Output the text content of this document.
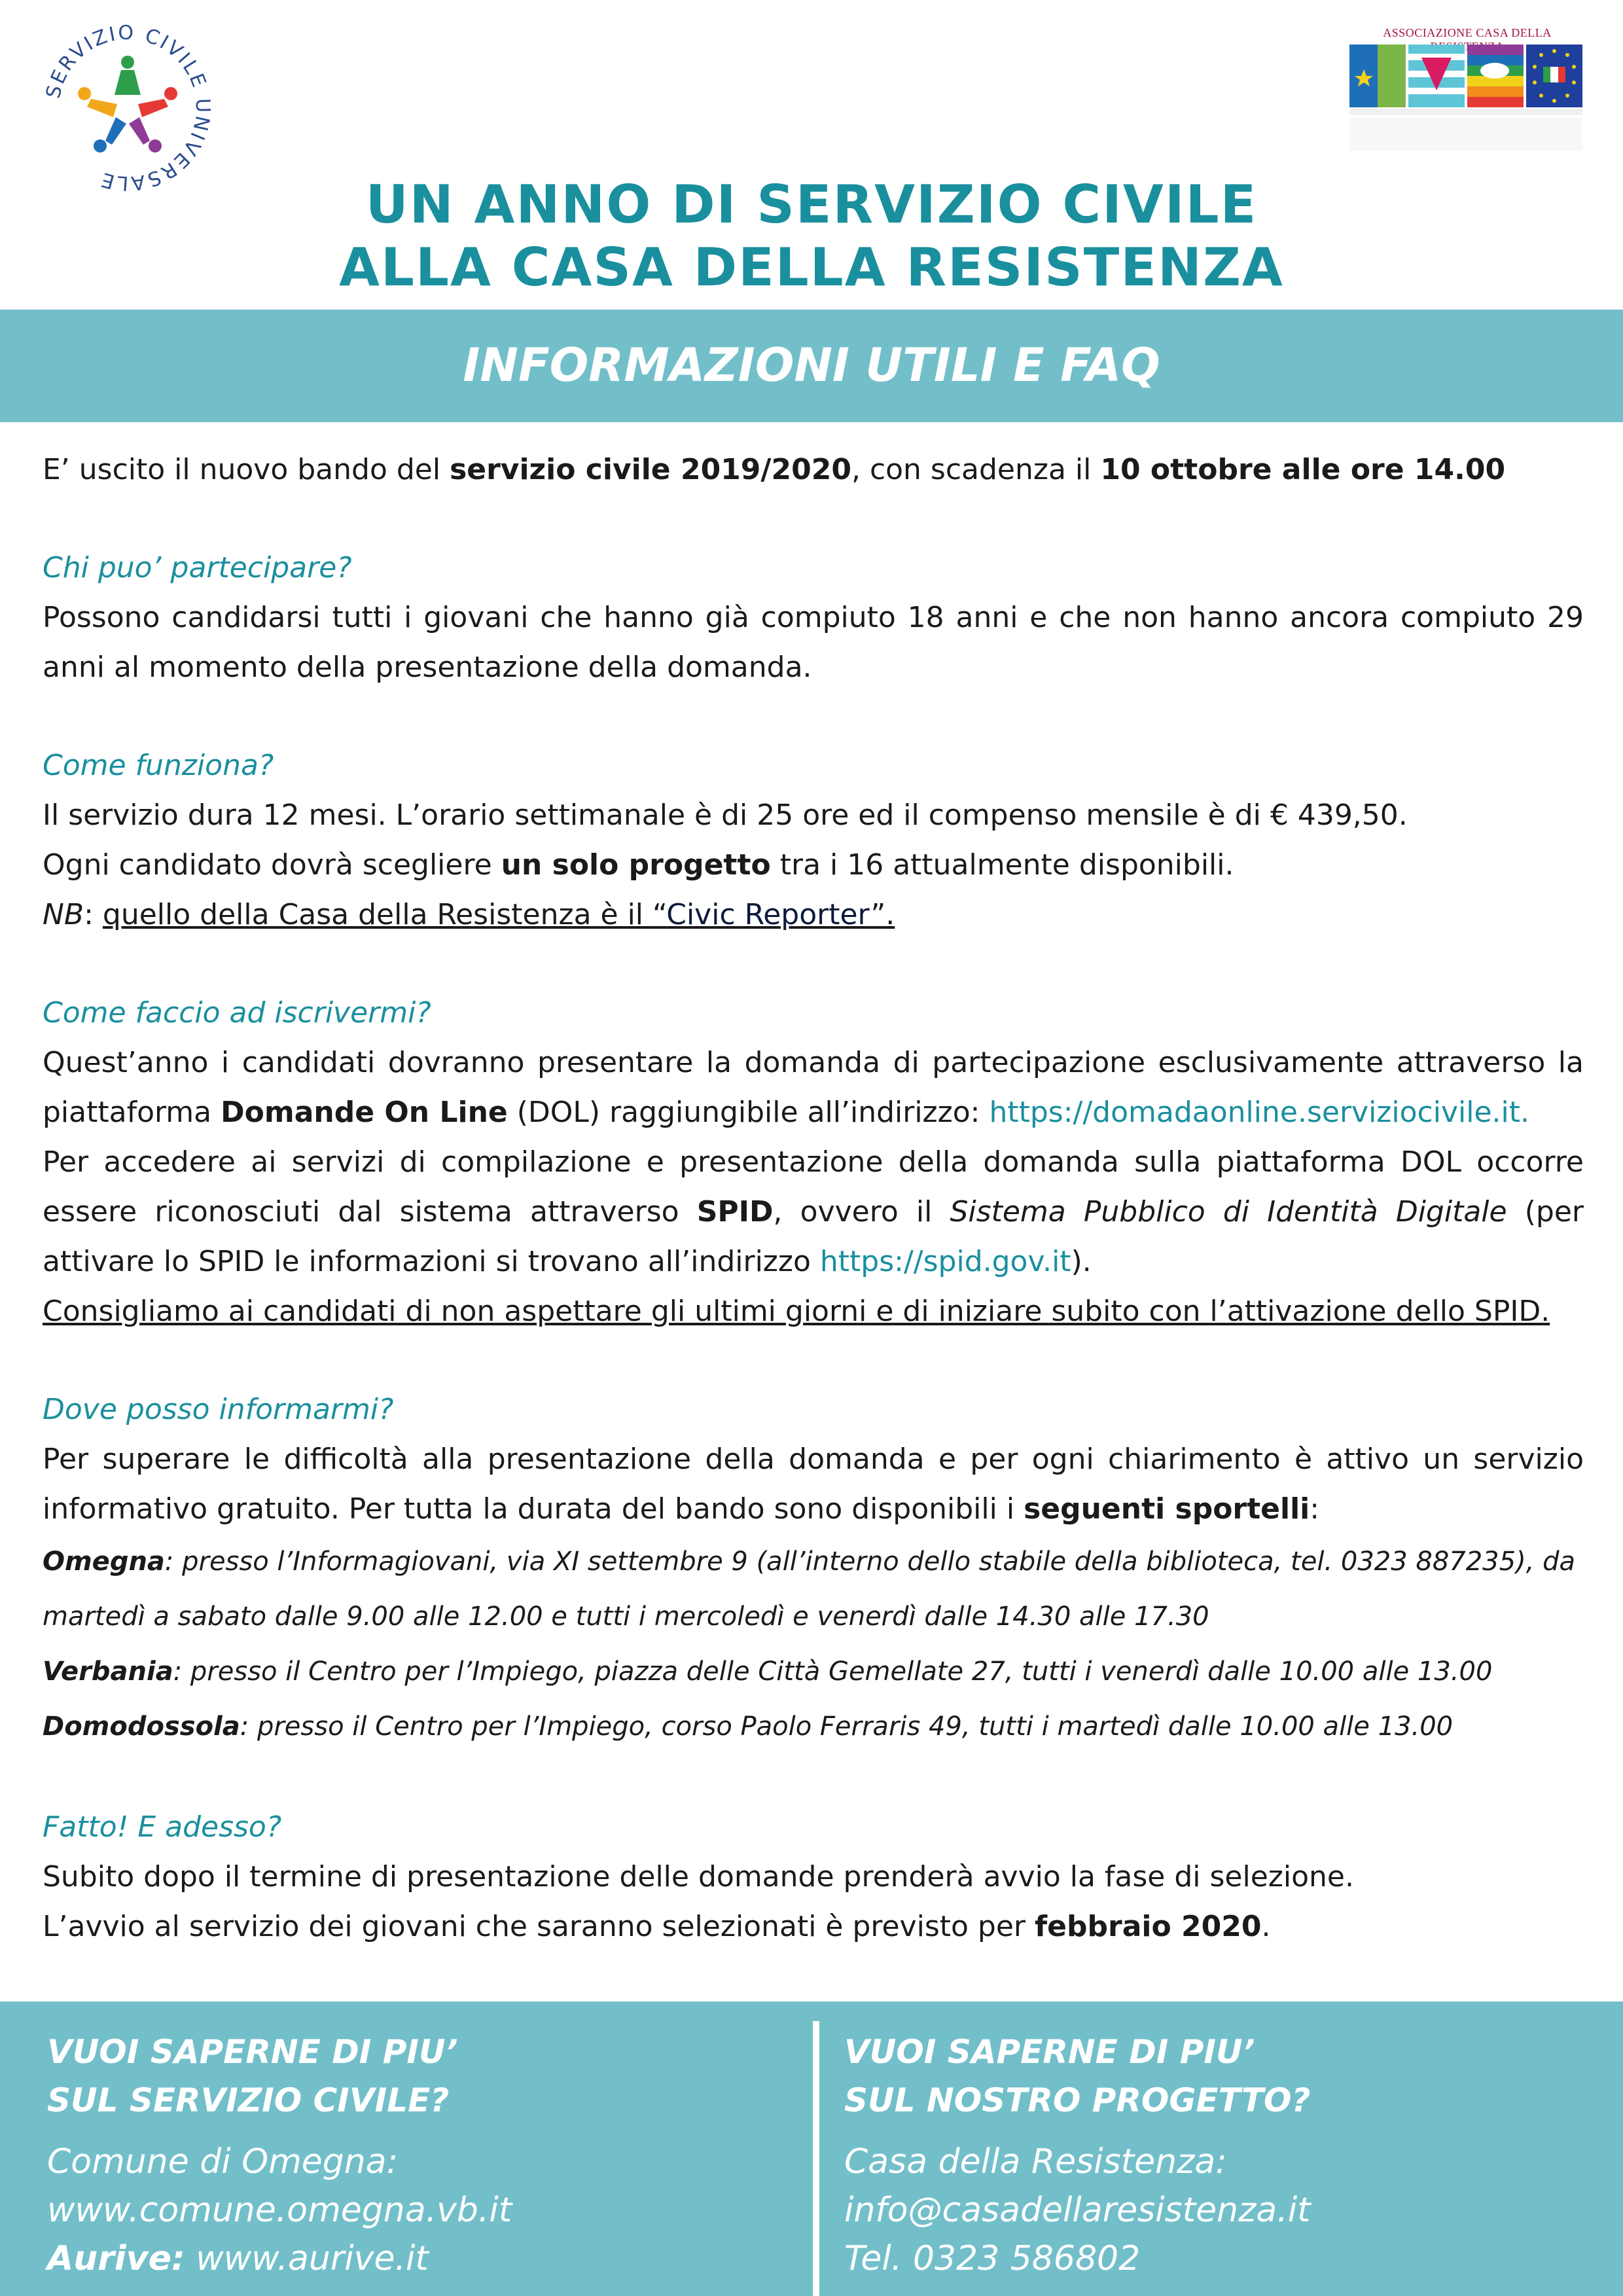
SERVIZIO CIVILE UNIVERSALE
ASSOCIAZIONE CASA DELLA
UN ANNO DI SERVIZIO CIVILE
ALLA CASA DELLA RESISTENZA
INFORMAZIONI UTILI E FAQ

E’ uscito il nuovo bando del servizio civile 2019/2020, con scadenza il 10 ottobre alle ore 14.00

Chi puo’ partecipare?

Possono candidarsi tutti i giovani che hanno già compiuto 18 anni e che non hanno ancora compiuto 29 anni al momento della presentazione della domanda.

Come funziona?

Il servizio dura 12 mesi. L’orario settimanale è di 25 ore ed il compenso mensile è di € 439,50.

Ogni candidato dovrà scegliere un solo progetto tra i 16 attualmente disponibili.

NB: quello della Casa della Resistenza è il “Civic Reporter”.

Come faccio ad iscrivermi?

Quest’anno i candidati dovranno presentare la domanda di partecipazione esclusivamente attraverso la piattaforma Domande On Line (DOL) raggiungibile all’indirizzo: https://domadaonline.serviziocivile.it.

Per accedere ai servizi di compilazione e presentazione della domanda sulla piattaforma DOL occorre essere riconosciuti dal sistema attraverso SPID, ovvero il Sistema Pubblico di Identità Digitale (per attivare lo SPID le informazioni si trovano all’indirizzo https://spid.gov.it).

Consigliamo ai candidati di non aspettare gli ultimi giorni e di iniziare subito con l’attivazione dello SPID.

Dove posso informarmi?

Per superare le difficoltà alla presentazione della domanda e per ogni chiarimento è attivo un servizio informativo gratuito. Per tutta la durata del bando sono disponibili i seguenti sportelli:

Omegna: presso l’Informagiovani, via XI settembre 9 (all’interno dello stabile della biblioteca, tel. 0323 887235), da martedì a sabato dalle 9.00 alle 12.00 e tutti i mercoledì e venerdì dalle 14.30 alle 17.30

Verbania: presso il Centro per l’Impiego, piazza delle Città Gemellate 27, tutti i venerdì dalle 10.00 alle 13.00

Domodossola: presso il Centro per l’Impiego, corso Paolo Ferraris 49, tutti i martedì dalle 10.00 alle 13.00

Fatto! E adesso?

Subito dopo il termine di presentazione delle domande prenderà avvio la fase di selezione.

L’avvio al servizio dei giovani che saranno selezionati è previsto per febbraio 2020.

VUOI SAPERNE DI PIU’
SUL SERVIZIO CIVILE?
Comune di Omegna:
www.comune.omegna.vb.it
Aurive: www.aurive.it
VUOI SAPERNE DI PIU’
SUL NOSTRO PROGETTO?
Casa della Resistenza:
info@casadellaresistenza.it
Tel. 0323 586802
